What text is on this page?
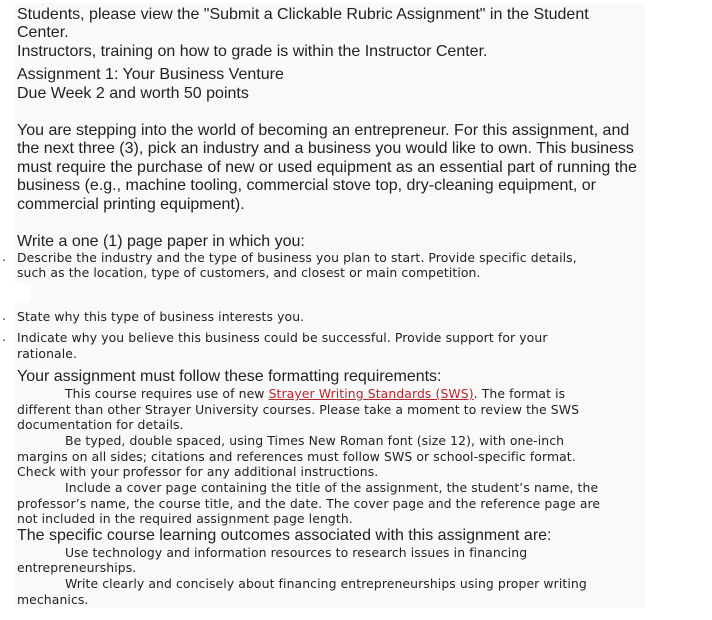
Students, please view the "Submit a Clickable Rubric Assignment" in the Student

Center.

Instructors, training on how to grade is within the Instructor Center.

Assignment 1: Your Business Venture

Due Week 2 and worth 50 points

You are stepping into the world of becoming an entrepreneur. For this assignment, and

the next three (3), pick an industry and a business you would like to own. This business

must require the purchase of new or used equipment as an essential part of running the

business (e.g., machine tooling, commercial stove top, dry-cleaning equipment, or

commercial printing equipment).

Write a one (1) page paper in which you:

. Describe the industry and the type of business you plan to start. Provide specific details,

such as the location, type of customers, and closest or main competition.

. State why this type of business interests you.

. Indicate why you believe this business could be successful. Provide support for your

rationale.

Your assignment must follow these formatting requirements:

This course requires use of new Strayer Writing Standards (SWS). The format is

different than other Strayer University courses. Please take a moment to review the SWS

documentation for details.

Be typed, double spaced, using Times New Roman font (size 12), with one-inch

margins on all sides; citations and references must follow SWS or school-specific format.

Check with your professor for any additional instructions.

Include a cover page containing the title of the assignment, the student’s name, the

professor’s name, the course title, and the date. The cover page and the reference page are

not included in the required assignment page length.

The specific course learning outcomes associated with this assignment are:

Use technology and information resources to research issues in financing

entrepreneurships.

Write clearly and concisely about financing entrepreneurships using proper writing

mechanics.
